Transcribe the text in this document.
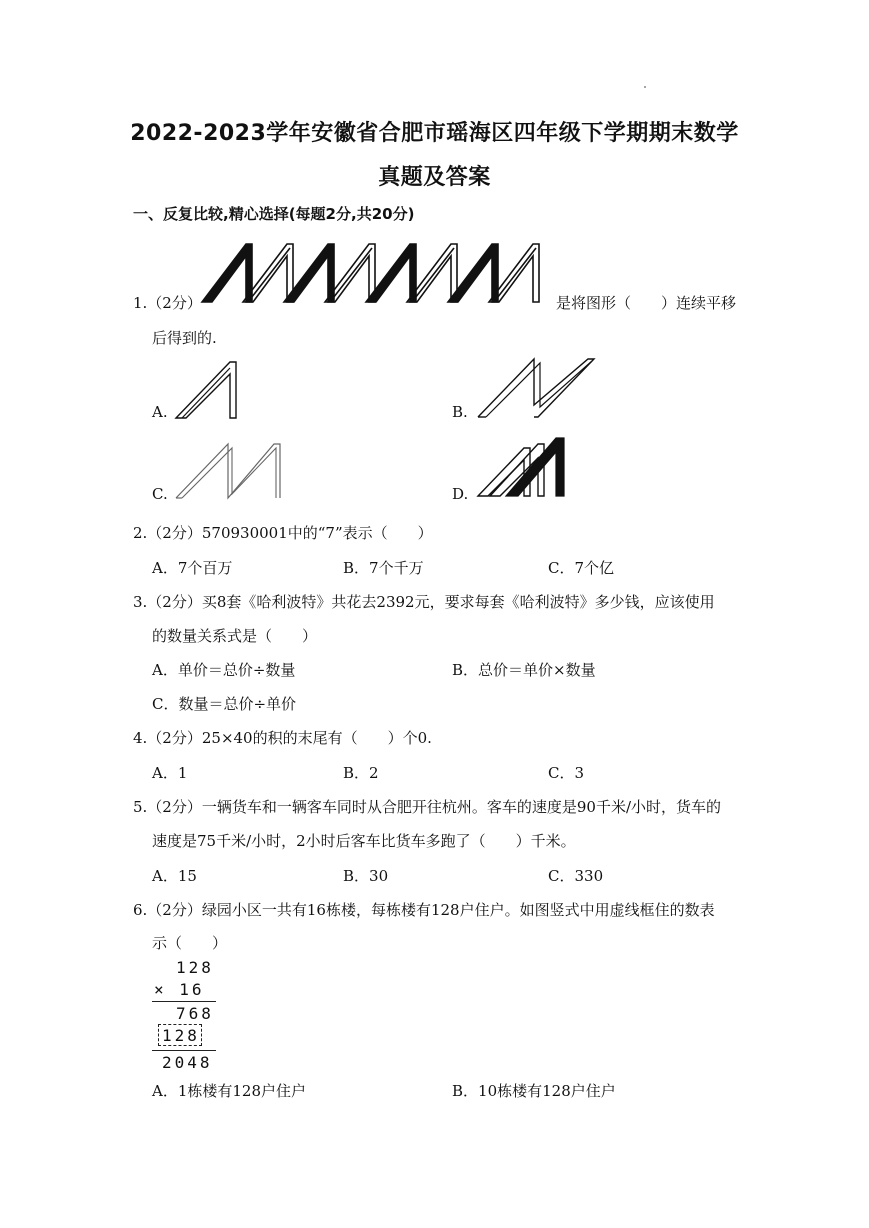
2022-2023学年安徽省合肥市瑶海区四年级下学期期末数学
真题及答案
一、反复比较,精心选择(每题2分,共20分)
1.（2分）	是将图形（　　）连续平移
后得到的.
A.	B.
C.	D.
2.（2分）570930001中的“7”表示（　　）
A．7个百万	B．7个千万	C．7个亿
3.（2分）买8套《哈利波特》共花去2392元，要求每套《哈利波特》多少钱，应该使用
的数量关系式是（　　）
A．单价＝总价÷数量	B．总价＝单价×数量
C．数量＝总价÷单价
4.（2分）25×40的积的末尾有（　　）个0.
A．1	B．2	C．3
5.（2分）一辆货车和一辆客车同时从合肥开往杭州。客车的速度是90千米/小时，货车的
速度是75千米/小时，2小时后客车比货车多跑了（　　）千米。
A．15	B．30	C．330
6.（2分）绿园小区一共有16栋楼，每栋楼有128户住户。如图竖式中用虚线框住的数表
示（　　）
128
× 16
768
128
2048
A．1栋楼有128户住户	B．10栋楼有128户住户
